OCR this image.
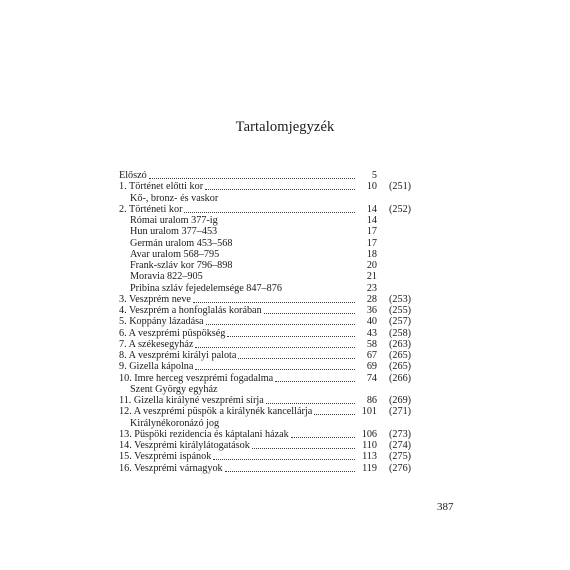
Tartalomjegyzék
Előszó	5
1. Történet előtti kor	10 (251)
Kő-, bronz- és vaskor
2. Történeti kor	14 (252)
Római uralom 377-ig	14
Hun uralom 377–453	17
Germán uralom 453–568	17
Avar uralom 568–795	18
Frank-szláv kor 796–898	20
Moravia 822–905	21
Pribina szláv fejedelemsége 847–876	23
3. Veszprém neve	28 (253)
4. Veszprém a honfoglalás korában	36 (255)
5. Koppány lázadása	40 (257)
6. A veszprémi püspökség	43 (258)
7. A székesegyház	58 (263)
8. A veszprémi királyi palota	67 (265)
9. Gizella kápolna	69 (265)
10. Imre herceg veszprémi fogadalma	74 (266)
Szent György egyház
11. Gizella királyné veszprémi sírja	86 (269)
12. A veszprémi püspök a királynék kancellárja	101 (271)
Királynékoronázó jog
13. Püspöki rezidencia és káptalani házak	106 (273)
14. Veszprémi királylátogatások	110 (274)
15. Veszprémi ispánok	113 (275)
16. Veszprémi várnagyok	119 (276)
387
